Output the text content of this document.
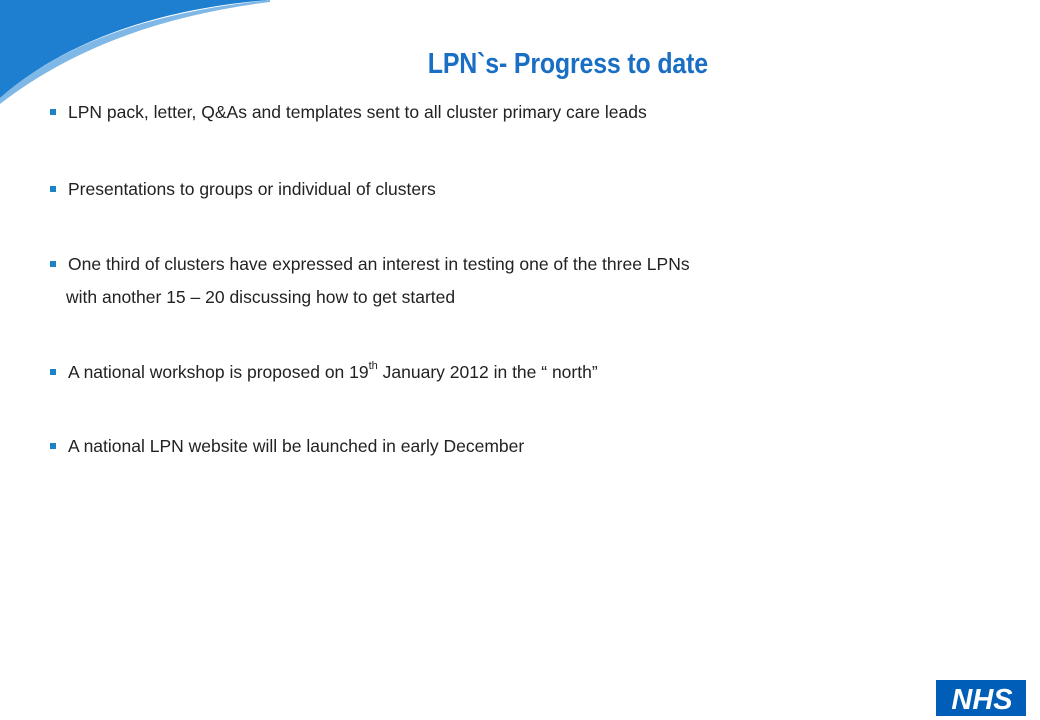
LPN`s- Progress to date
LPN pack, letter, Q&As and templates sent to all cluster primary care leads
Presentations to groups or individual of clusters
One third of clusters have expressed an interest in testing one of the three LPNs
with another 15 – 20 discussing how to get started
A national workshop is proposed on 19th January 2012 in the “ north”
A national LPN website will be launched in early December
NHS
